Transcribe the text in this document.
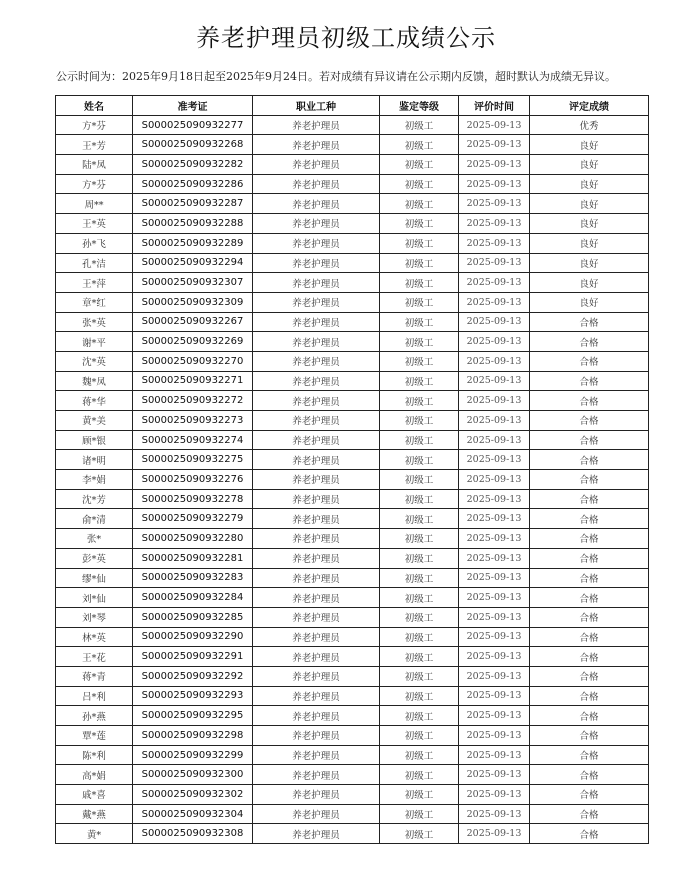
养老护理员初级工成绩公示
公示时间为：2025年9月18日起至2025年9月24日。若对成绩有异议请在公示期内反馈，超时默认为成绩无异议。
姓名	准考证	职业工种	鉴定等级	评价时间	评定成绩
方*芬	S000025090932277	养老护理员	初级工	2025-09-13	优秀
王*芳	S000025090932268	养老护理员	初级工	2025-09-13	良好
陆*凤	S000025090932282	养老护理员	初级工	2025-09-13	良好
方*芬	S000025090932286	养老护理员	初级工	2025-09-13	良好
周**	S000025090932287	养老护理员	初级工	2025-09-13	良好
王*英	S000025090932288	养老护理员	初级工	2025-09-13	良好
孙*飞	S000025090932289	养老护理员	初级工	2025-09-13	良好
孔*洁	S000025090932294	养老护理员	初级工	2025-09-13	良好
王*萍	S000025090932307	养老护理员	初级工	2025-09-13	良好
章*红	S000025090932309	养老护理员	初级工	2025-09-13	良好
张*英	S000025090932267	养老护理员	初级工	2025-09-13	合格
谢*平	S000025090932269	养老护理员	初级工	2025-09-13	合格
沈*英	S000025090932270	养老护理员	初级工	2025-09-13	合格
魏*凤	S000025090932271	养老护理员	初级工	2025-09-13	合格
蒋*华	S000025090932272	养老护理员	初级工	2025-09-13	合格
黄*美	S000025090932273	养老护理员	初级工	2025-09-13	合格
顾*银	S000025090932274	养老护理员	初级工	2025-09-13	合格
诸*明	S000025090932275	养老护理员	初级工	2025-09-13	合格
李*娟	S000025090932276	养老护理员	初级工	2025-09-13	合格
沈*芳	S000025090932278	养老护理员	初级工	2025-09-13	合格
俞*清	S000025090932279	养老护理员	初级工	2025-09-13	合格
张*	S000025090932280	养老护理员	初级工	2025-09-13	合格
彭*英	S000025090932281	养老护理员	初级工	2025-09-13	合格
缪*仙	S000025090932283	养老护理员	初级工	2025-09-13	合格
刘*仙	S000025090932284	养老护理员	初级工	2025-09-13	合格
刘*琴	S000025090932285	养老护理员	初级工	2025-09-13	合格
林*英	S000025090932290	养老护理员	初级工	2025-09-13	合格
王*花	S000025090932291	养老护理员	初级工	2025-09-13	合格
蒋*青	S000025090932292	养老护理员	初级工	2025-09-13	合格
吕*利	S000025090932293	养老护理员	初级工	2025-09-13	合格
孙*燕	S000025090932295	养老护理员	初级工	2025-09-13	合格
覃*莲	S000025090932298	养老护理员	初级工	2025-09-13	合格
陈*利	S000025090932299	养老护理员	初级工	2025-09-13	合格
高*娟	S000025090932300	养老护理员	初级工	2025-09-13	合格
戚*喜	S000025090932302	养老护理员	初级工	2025-09-13	合格
戴*燕	S000025090932304	养老护理员	初级工	2025-09-13	合格
黄*	S000025090932308	养老护理员	初级工	2025-09-13	合格
